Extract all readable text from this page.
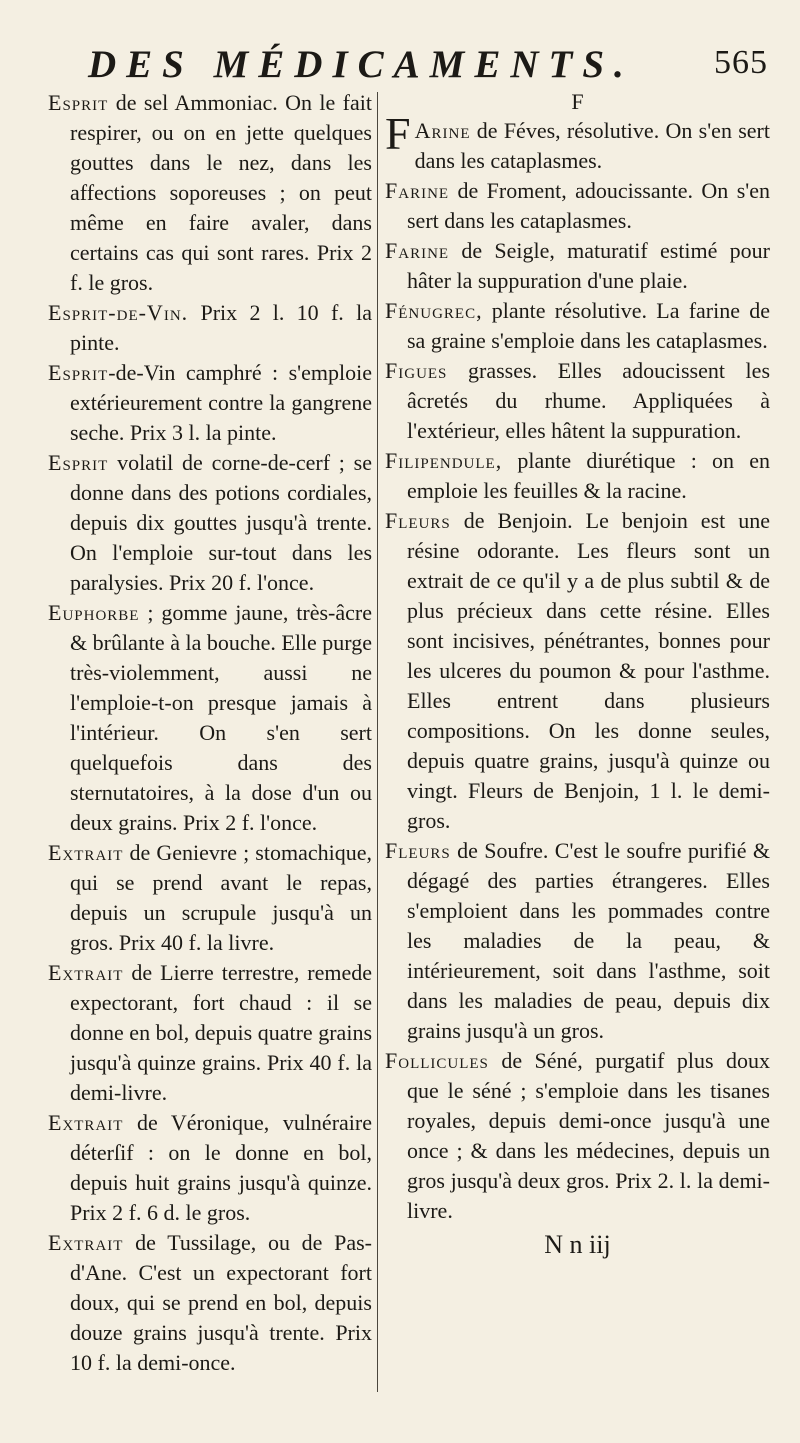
DES MÉDICAMENTS. 565

Esprit de sel Ammoniac. On le fait respirer, ou on en jette quelques gouttes dans le nez, dans les affections soporeuses ; on peut même en faire avaler, dans certains cas qui sont rares. Prix 2 f. le gros.

Esprit-de-Vin. Prix 2 l. 10 f. la pinte.

Esprit-de-Vin camphré : s'emploie extérieurement contre la gangrene seche. Prix 3 l. la pinte.

Esprit volatil de corne-de-cerf ; se donne dans des potions cordiales, depuis dix gouttes jusqu'à trente. On l'emploie sur-tout dans les paralysies. Prix 20 f. l'once.

Euphorbe ; gomme jaune, très-âcre & brûlante à la bouche. Elle purge très-violemment, aussi ne l'emploie-t-on presque jamais à l'intérieur. On s'en sert quelquefois dans des sternutatoires, à la dose d'un ou deux grains. Prix 2 f. l'once.

Extrait de Genievre ; stomachique, qui se prend avant le repas, depuis un scrupule jusqu'à un gros. Prix 40 f. la livre.

Extrait de Lierre terrestre, remede expectorant, fort chaud : il se donne en bol, depuis quatre grains jusqu'à quinze grains. Prix 40 f. la demi-livre.

Extrait de Véronique, vulnéraire déterſif : on le donne en bol, depuis huit grains jusqu'à quinze. Prix 2 f. 6 d. le gros.

Extrait de Tussilage, ou de Pas-d'Ane. C'est un expectorant fort doux, qui se prend en bol, depuis douze grains jusqu'à trente. Prix 10 f. la demi-once.

F

F Arine de Féves, résolutive. On s'en sert dans les cataplasmes.

Farine de Froment, adoucissante. On s'en sert dans les cataplasmes.

Farine de Seigle, maturatif estimé pour hâter la suppuration d'une plaie.

Fénugrec, plante résolutive. La farine de sa graine s'emploie dans les cataplasmes.

Figues grasses. Elles adoucissent les âcretés du rhume. Appliquées à l'extérieur, elles hâtent la suppuration.

Filipendule, plante diurétique : on en emploie les feuilles & la racine.

Fleurs de Benjoin. Le benjoin est une résine odorante. Les fleurs sont un extrait de ce qu'il y a de plus subtil & de plus précieux dans cette résine. Elles sont incisives, pénétrantes, bonnes pour les ulceres du poumon & pour l'asthme. Elles entrent dans plusieurs compositions. On les donne seules, depuis quatre grains, jusqu'à quinze ou vingt. Fleurs de Benjoin, 1 l. le demi-gros.

Fleurs de Soufre. C'est le soufre purifié & dégagé des parties étrangeres. Elles s'emploient dans les pommades contre les maladies de la peau, & intérieurement, soit dans l'asthme, soit dans les maladies de peau, depuis dix grains jusqu'à un gros.

Follicules de Séné, purgatif plus doux que le séné ; s'emploie dans les tisanes royales, depuis demi-once jusqu'à une once ; & dans les médecines, depuis un gros jusqu'à deux gros. Prix 2. l. la demi-livre.

N n iij
